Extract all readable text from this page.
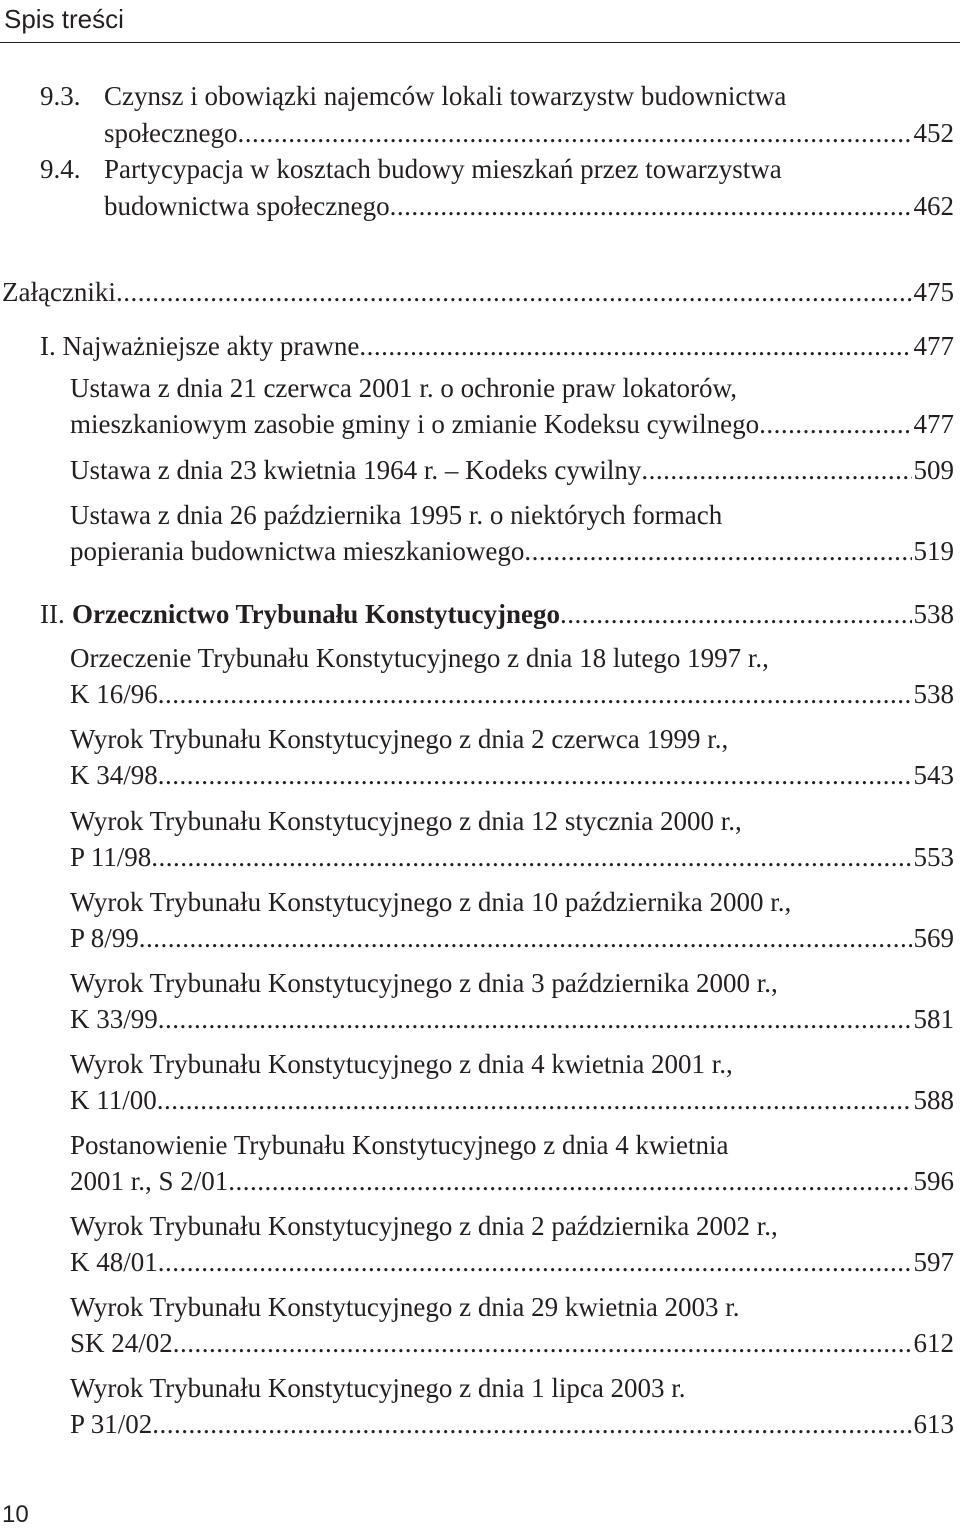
Spis treści
9.3. Czynsz i obowiązki najemców lokali towarzystw budownictwa
społecznego .....	452
9.4. Partycypacja w kosztach budowy mieszkań przez towarzystwa
budownictwa społecznego .....	462
Załączniki .....	475
I. Najważniejsze akty prawne .....	477
Ustawa z dnia 21 czerwca 2001 r. o ochronie praw lokatorów,
mieszkaniowym zasobie gminy i o zmianie Kodeksu cywilnego .....	477
Ustawa z dnia 23 kwietnia 1964 r. – Kodeks cywilny .....	509
Ustawa z dnia 26 października 1995 r. o niektórych formach
popierania budownictwa mieszkaniowego .....	519
II. Orzecznictwo Trybunału Konstytucyjnego .....	538
Orzeczenie Trybunału Konstytucyjnego z dnia 18 lutego 1997 r.,
K 16/96 .....	538
Wyrok Trybunału Konstytucyjnego z dnia 2 czerwca 1999 r.,
K 34/98 .....	543
Wyrok Trybunału Konstytucyjnego z dnia 12 stycznia 2000 r.,
P 11/98 .....	553
Wyrok Trybunału Konstytucyjnego z dnia 10 października 2000 r.,
P 8/99 .....	569
Wyrok Trybunału Konstytucyjnego z dnia 3 października 2000 r.,
K 33/99 .....	581
Wyrok Trybunału Konstytucyjnego z dnia 4 kwietnia 2001 r.,
K 11/00 .....	588
Postanowienie Trybunału Konstytucyjnego z dnia 4 kwietnia
2001 r., S 2/01 .....	596
Wyrok Trybunału Konstytucyjnego z dnia 2 października 2002 r.,
K 48/01 .....	597
Wyrok Trybunału Konstytucyjnego z dnia 29 kwietnia 2003 r.
SK 24/02 .....	612
Wyrok Trybunału Konstytucyjnego z dnia 1 lipca 2003 r.
P 31/02 .....	613
10
